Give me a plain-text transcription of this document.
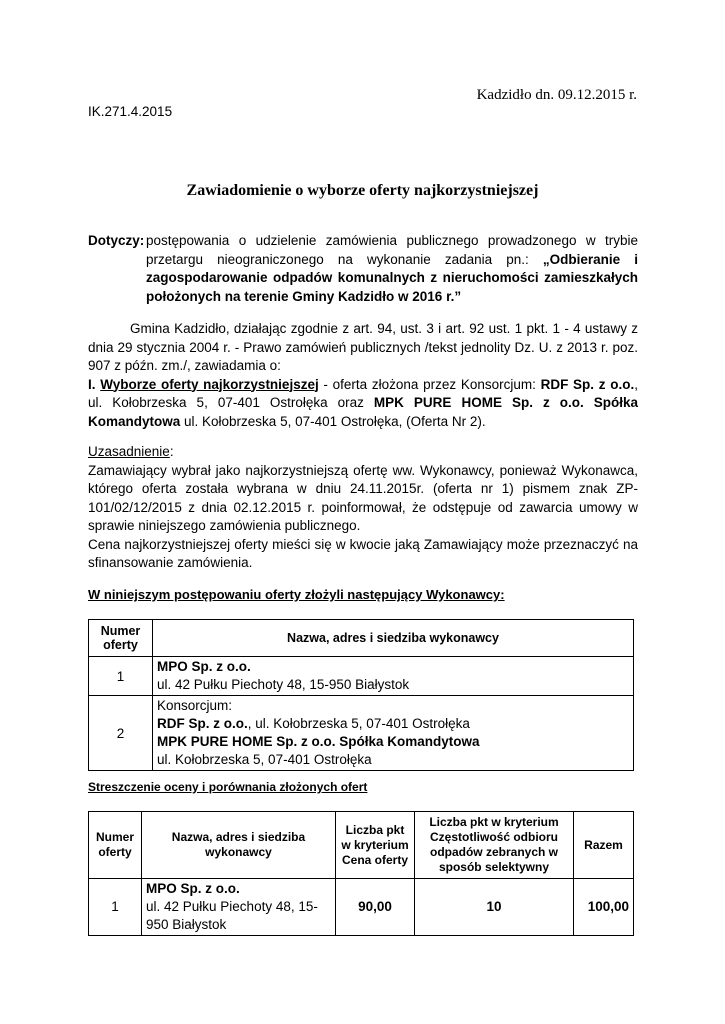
Kadzidło dn. 09.12.2015 r.
IK.271.4.2015
Zawiadomienie o wyborze oferty najkorzystniejszej
Dotyczy: postępowania o udzielenie zamówienia publicznego prowadzonego w trybie przetargu nieograniczonego na wykonanie zadania pn.: „Odbieranie i zagospodarowanie odpadów komunalnych z nieruchomości zamieszkałych położonych na terenie Gminy Kadzidło w 2016 r.”
Gmina Kadzidło, działając zgodnie z art. 94, ust. 3 i art. 92 ust. 1 pkt. 1 - 4 ustawy z dnia 29 stycznia 2004 r. - Prawo zamówień publicznych /tekst jednolity Dz. U. z 2013 r. poz. 907 z późn. zm./, zawiadamia o:
I. Wyborze oferty najkorzystniejszej - oferta złożona przez Konsorcjum: RDF Sp. z o.o., ul. Kołobrzeska 5, 07-401 Ostrołęka oraz MPK PURE HOME Sp. z o.o. Spółka Komandytowa ul. Kołobrzeska 5, 07-401 Ostrołęka, (Oferta Nr 2).
Uzasadnienie:
Zamawiający wybrał jako najkorzystniejszą ofertę ww. Wykonawcy, ponieważ Wykonawca, którego oferta została wybrana w dniu 24.11.2015r. (oferta nr 1) pismem znak ZP-101/02/12/2015 z dnia 02.12.2015 r. poinformował, że odstępuje od zawarcia umowy w sprawie niniejszego zamówienia publicznego.
Cena najkorzystniejszej oferty mieści się w kwocie jaką Zamawiający może przeznaczyć na sfinansowanie zamówienia.
W niniejszym postępowaniu oferty złożyli następujący Wykonawcy:
Numer oferty	Nazwa, adres i siedziba wykonawcy
1	MPO Sp. z o.o.
ul. 42 Pułku Piechoty 48, 15-950 Białystok

2	Konsorcjum:
RDF Sp. z o.o., ul. Kołobrzeska 5, 07-401 Ostrołęka
MPK PURE HOME Sp. z o.o. Spółka Komandytowa
ul. Kołobrzeska 5, 07-401 Ostrołęka
Streszczenie oceny i porównania złożonych ofert
Numer oferty	Nazwa, adres i siedziba wykonawcy	Liczba pkt w kryterium Cena oferty	Liczba pkt w kryterium Częstotliwość odbioru odpadów zebranych w sposób selektywny	Razem
1	MPO Sp. z o.o.
ul. 42 Pułku Piechoty 48, 15-950 Białystok	90,00	10	100,00
